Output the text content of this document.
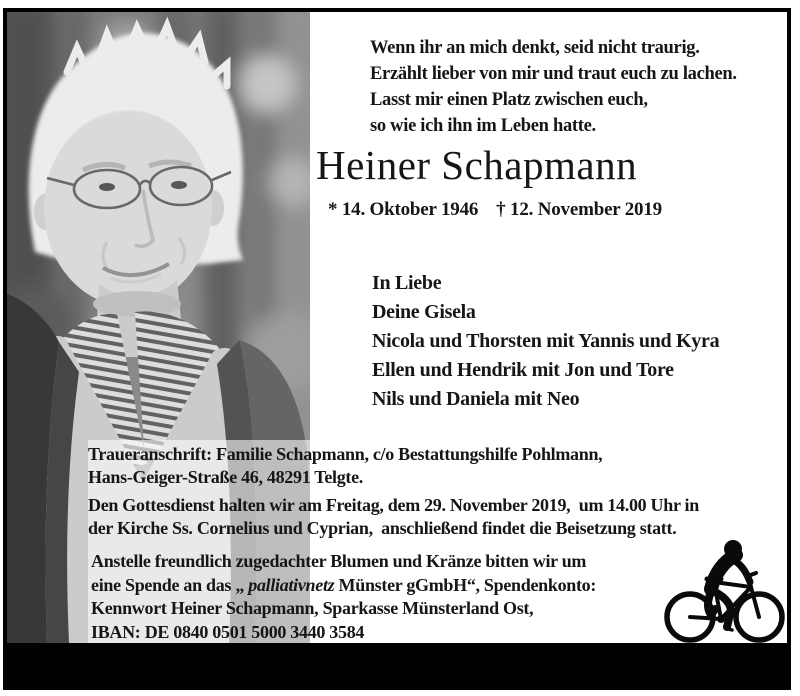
Wenn ihr an mich denkt, seid nicht traurig.
Erzählt lieber von mir und traut euch zu lachen.
Lasst mir einen Platz zwischen euch,
so wie ich ihn im Leben hatte.
Heiner Schapmann
* 14. Oktober 1946 † 12. November 2019
In Liebe
Deine Gisela
Nicola und Thorsten mit Yannis und Kyra
Ellen und Hendrik mit Jon und Tore
Nils und Daniela mit Neo
Traueranschrift: Familie Schapmann, c/o Bestattungshilfe Pohlmann,
Hans-Geiger-Straße 46, 48291 Telgte.
Den Gottesdienst halten wir am Freitag, dem 29. November 2019,  um 14.00 Uhr in
der Kirche Ss. Cornelius und Cyprian,  anschließend findet die Beisetzung statt.
Anstelle freundlich zugedachter Blumen und Kränze bitten wir um
eine Spende an das „ palliativnetz Münster gGmbH“, Spendenkonto:
Kennwort Heiner Schapmann, Sparkasse Münsterland Ost,
IBAN: DE 0840 0501 5000 3440 3584
